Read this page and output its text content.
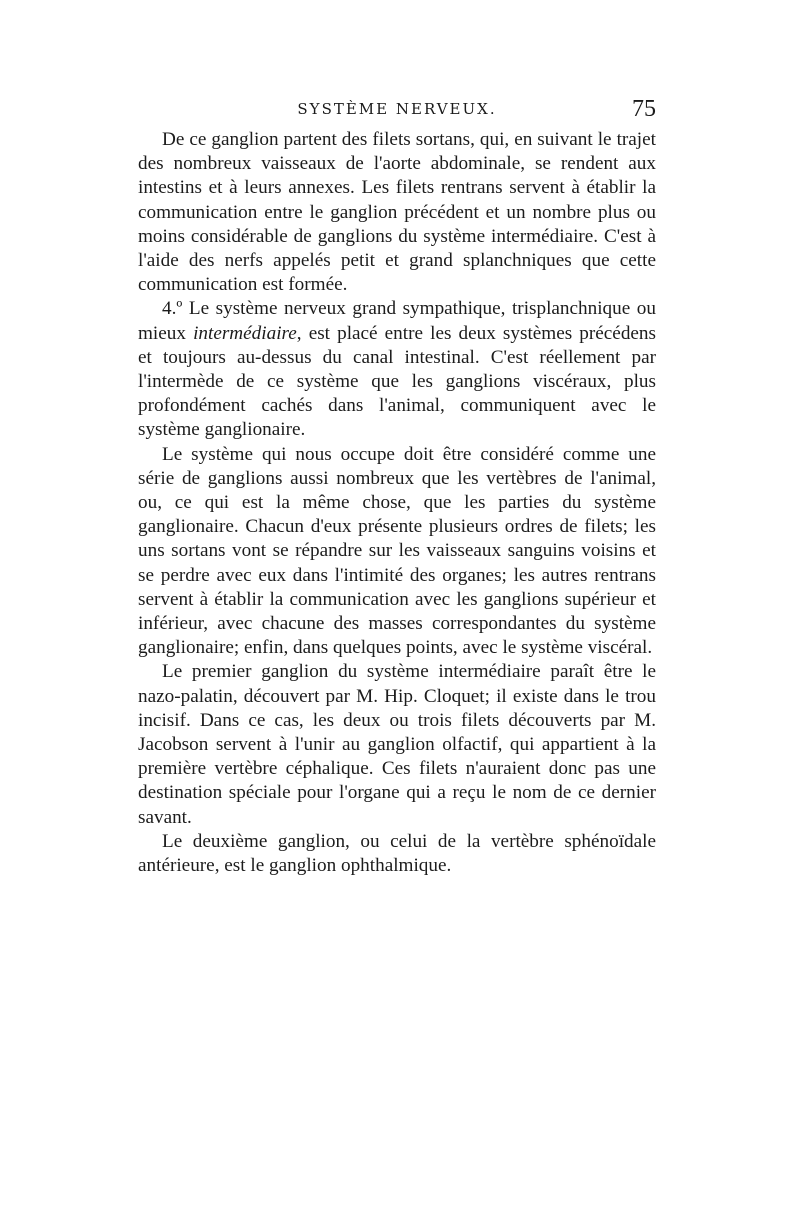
SYSTÈME NERVEUX.	75

De ce ganglion partent des filets sortans, qui, en suivant le trajet des nombreux vaisseaux de l'aorte abdominale, se rendent aux intestins et à leurs annexes. Les filets rentrans servent à établir la communication entre le ganglion précédent et un nombre plus ou moins considérable de ganglions du système intermédiaire. C'est à l'aide des nerfs appelés petit et grand splanchniques que cette communication est formée.

4.º Le système nerveux grand sympathique, trisplanchnique ou mieux intermédiaire, est placé entre les deux systèmes précédens et toujours au-dessus du canal intestinal. C'est réellement par l'intermède de ce système que les ganglions viscéraux, plus profondément cachés dans l'animal, communiquent avec le système ganglionaire.

Le système qui nous occupe doit être considéré comme une série de ganglions aussi nombreux que les vertèbres de l'animal, ou, ce qui est la même chose, que les parties du système ganglionaire. Chacun d'eux présente plusieurs ordres de filets; les uns sortans vont se répandre sur les vaisseaux sanguins voisins et se perdre avec eux dans l'intimité des organes; les autres rentrans servent à établir la communication avec les ganglions supérieur et inférieur, avec chacune des masses correspondantes du système ganglionaire; enfin, dans quelques points, avec le système viscéral.

Le premier ganglion du système intermédiaire paraît être le nazo-palatin, découvert par M. Hip. Cloquet; il existe dans le trou incisif. Dans ce cas, les deux ou trois filets découverts par M. Jacobson servent à l'unir au ganglion olfactif, qui appartient à la première vertèbre céphalique. Ces filets n'auraient donc pas une destination spéciale pour l'organe qui a reçu le nom de ce dernier savant.

Le deuxième ganglion, ou celui de la vertèbre sphénoïdale antérieure, est le ganglion ophthalmique.
